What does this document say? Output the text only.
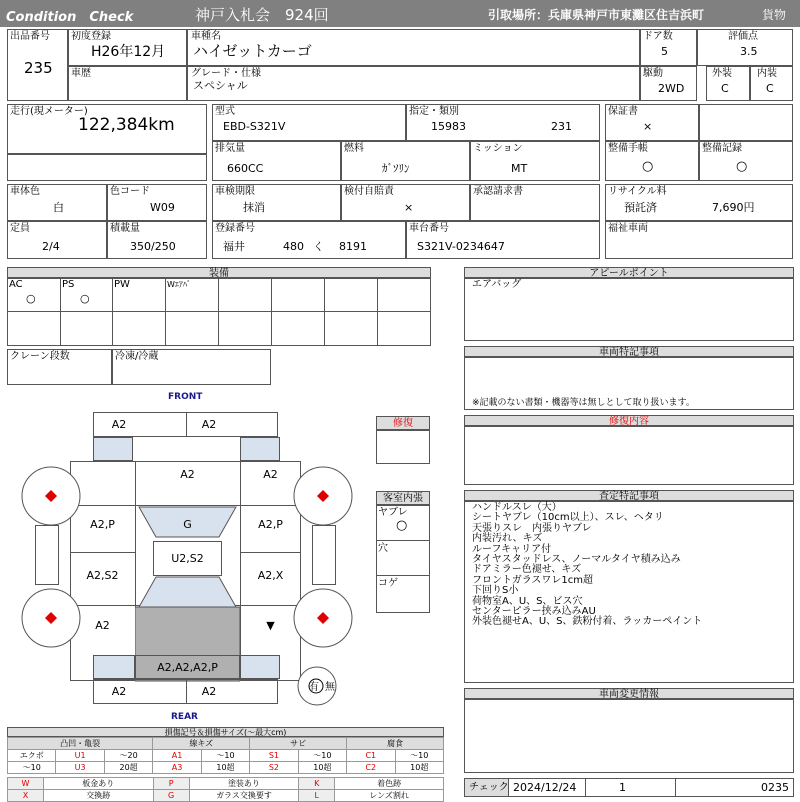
Condition　Check	神戸入札会　924回	引取場所：兵庫県神戸市東灘区住吉浜町	貨物
出品番号
235
初度登録
H26年12月
車種名
ハイゼットカーゴ
ドア数
5
評価点
3.5
車歴	グレード・仕様
スペシャル
駆動
2WD
外装
C
内装
C
走行(現メーター)
122,384km
型式
EBD-S321V
指定・類別
15983	231
保証書
×
排気量
660CC
燃料
ｶﾞｿﾘﾝ
ミッション
MT
整備手帳
○
整備記録
○
車体色
白
色コード
W09
車検期限
抹消
検付自賠責
×
承認請求書	リサイクル料
預託済	7,690円
定員
2/4
積載量
350/250
登録番号
福井	480 く 8191
車台番号
S321V-0234647
福祉車両
装備
AC
○
PS
○
PW	Wｴｱﾊﾞ
クレーン段数	冷凍/冷蔵
アピールポイント
エアバッグ
車両特記事項
※記載のない書類・機器等は無しとして取り扱います。
修復内容
査定特記事項
ハンドルスレ（大）
シートヤブレ（10cm以上）、スレ、ヘタリ
天張りスレ　内張りヤブレ
内装汚れ、キズ
ルーフキャリア付
タイヤスタッドレス、ノーマルタイヤ積み込み
ドアミラー色褪せ、キズ
フロントガラスワレ1cm超
下回りS小
荷物室A、U、S、ビス穴
センターピラー挟み込みAU
外装色褪せA、U、S、鉄粉付着、ラッカーペイント
車両変更情報
チェック 2024/12/24	1	0235
修復
客室内張
ヤブレ
○
穴
コゲ
FRONT
REAR
A2	A2
A2	A2
A2,P	A2,P
A2,S2	A2,X
A2	▼
G
U2,S2
A2,A2,A2,P
A2	A2	有 無
損傷記号＆損傷サイズ(～最大cm)
凸凹・亀裂			線キズ		サビ		腐食	
エクボ	U1	～20	A1	～10	S1	～10	C1	～10
～10	U3	20超	A3	10超	S2	10超	C2	10超
W	板金あり	P	塗装あり	K	着色跡
X	交換跡	G	ガラス交換要す	L	レンズ割れ
